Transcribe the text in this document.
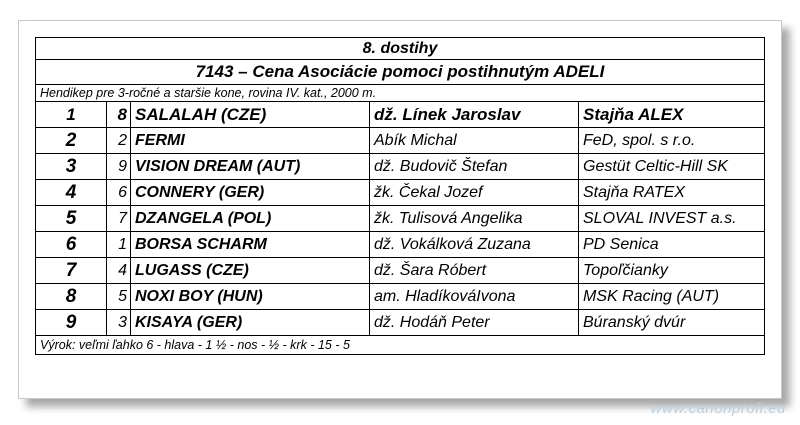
8. dostihy				
7143 – Cena Asociácie pomoci postihnutým ADELI				
Hendikep pre 3-ročné a staršie kone, rovina IV. kat., 2000 m.				
1	8	SALALAH (CZE)	dž. Línek Jaroslav	Stajňa ALEX
2	2	FERMI	Abík Michal	FeD, spol. s r.o.
3	9	VISION DREAM (AUT)	dž. Budovič Štefan	Gestüt Celtic-Hill SK
4	6	CONNERY (GER)	žk. Čekal Jozef	Stajňa RATEX
5	7	DZANGELA (POL)	žk. Tulisová Angelika	SLOVAL INVEST a.s.
6	1	BORSA SCHARM	dž. Vokálková Zuzana	PD Senica
7	4	LUGASS (CZE)	dž. Šara Róbert	Topoľčianky
8	5	NOXI BOY (HUN)	am. HladíkováIvona	MSK Racing (AUT)
9	3	KISAYA (GER)	dž. Hodáň Peter	Búranský dvúr
Výrok: veľmi ľahko 6 - hlava - 1 ½ - nos - ½ - krk - 15 - 5				
www.canonprofi.eu
